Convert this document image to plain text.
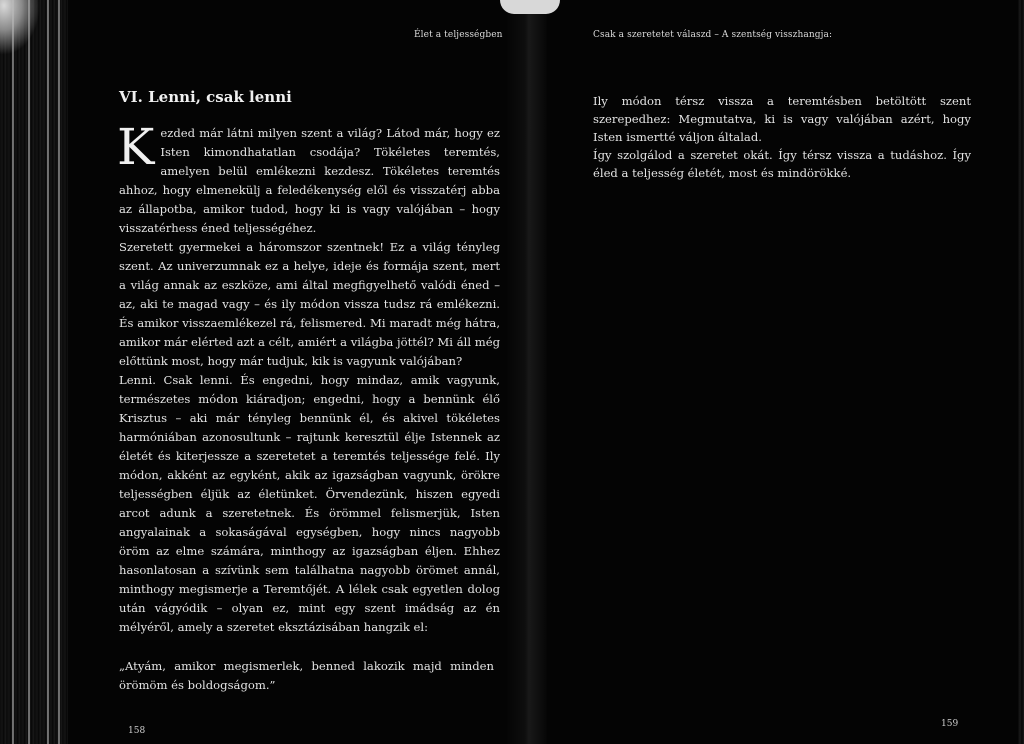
Élet a teljességben
VI. Lenni, csak lenni

Kezded már látni milyen szent a világ? Látod már, hogy ez Isten kimondhatatlan csodája? Tökéletes teremtés, amelyen belül emlékezni kezdesz. Tökéletes teremtés ahhoz, hogy elmenekülj a feledékenység elől és visszatérj abba az állapotba, amikor tudod, hogy ki is vagy valójában – hogy visszatérhess éned teljességéhez.

Szeretett gyermekei a háromszor szentnek! Ez a világ tényleg szent. Az univerzumnak ez a helye, ideje és formája szent, mert a világ annak az eszköze, ami által megfigyelhető valódi éned – az, aki te magad vagy – és ily módon vissza tudsz rá emlékezni. És amikor visszaemlékezel rá, felismered. Mi maradt még hátra, amikor már elérted azt a célt, amiért a világba jöttél? Mi áll még előttünk most, hogy már tudjuk, kik is vagyunk valójában?

Lenni. Csak lenni. És engedni, hogy mindaz, amik vagyunk, természetes módon kiáradjon; engedni, hogy a bennünk élő Krisztus – aki már tényleg bennünk él, és akivel tökéletes harmóniában azonosultunk – rajtunk keresztül élje Istennek az életét és kiterjessze a szeretetet a teremtés teljessége felé. Ily módon, akként az egyként, akik az igazságban vagyunk, örökre teljességben éljük az életünket. Örvendezünk, hiszen egyedi arcot adunk a szeretetnek. És örömmel felismerjük, Isten angyalainak a sokaságával egységben, hogy nincs nagyobb öröm az elme számára, minthogy az igazságban éljen. Ehhez hasonlatosan a szívünk sem találhatna nagyobb örömet annál, minthogy megismerje a Teremtőjét. A lélek csak egyetlen dolog után vágyódik – olyan ez, mint egy szent imádság az én mélyéről, amely a szeretet eksztázisában hangzik el:

„Atyám, amikor megismerlek, benned lakozik majd minden örömöm és boldogságom.”

158
Csak a szeretetet válaszd – A szentség visszhangja:

Ily módon térsz vissza a teremtésben betöltött szent szerepedhez: Megmutatva, ki is vagy valójában azért, hogy Isten ismertté váljon általad.

Így szolgálod a szeretet okát. Így térsz vissza a tudáshoz. Így éled a teljesség életét, most és mindörökké.

159
